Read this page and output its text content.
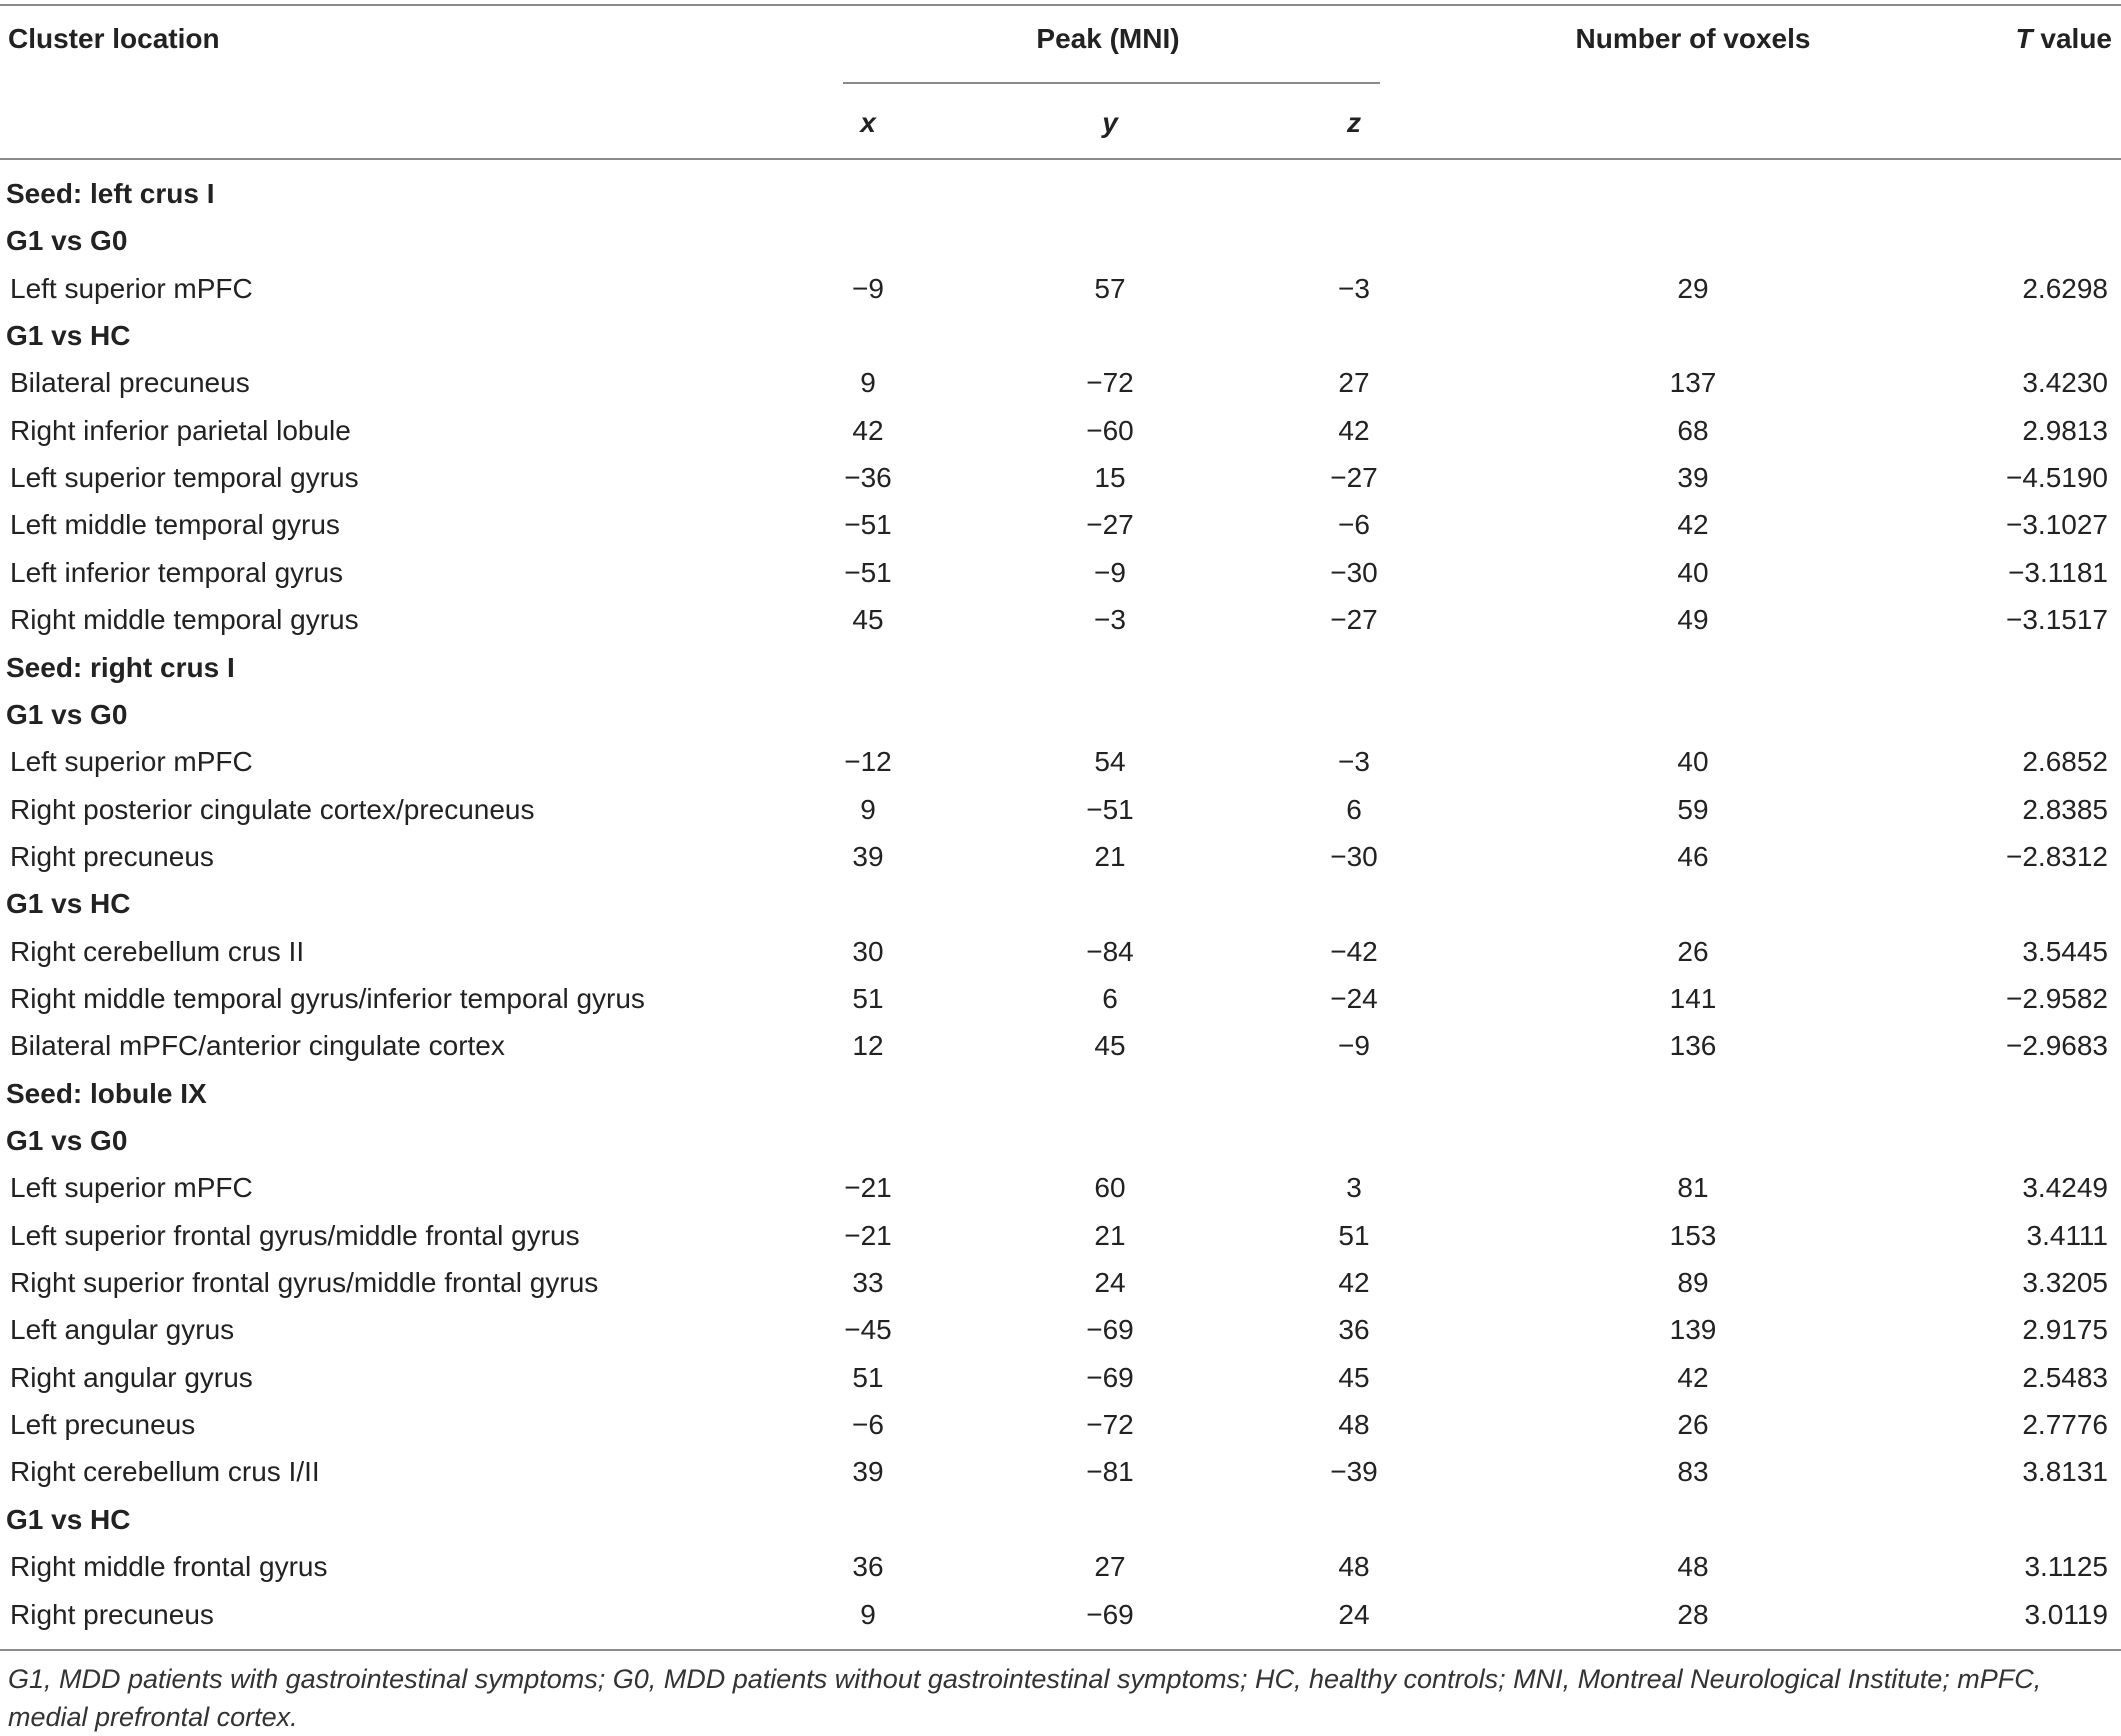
Cluster location	Peak (MNI)	Number of voxels	T value
x	y	z
Seed: left crus I
G1 vs G0
Left superior mPFC	−9	57	−3	29	2.6298
G1 vs HC
Bilateral precuneus	9	−72	27	137	3.4230
Right inferior parietal lobule	42	−60	42	68	2.9813
Left superior temporal gyrus	−36	15	−27	39	−4.5190
Left middle temporal gyrus	−51	−27	−6	42	−3.1027
Left inferior temporal gyrus	−51	−9	−30	40	−3.1181
Right middle temporal gyrus	45	−3	−27	49	−3.1517
Seed: right crus I
G1 vs G0
Left superior mPFC	−12	54	−3	40	2.6852
Right posterior cingulate cortex/precuneus	9	−51	6	59	2.8385
Right precuneus	39	21	−30	46	−2.8312
G1 vs HC
Right cerebellum crus II	30	−84	−42	26	3.5445
Right middle temporal gyrus/inferior temporal gyrus	51	6	−24	141	−2.9582
Bilateral mPFC/anterior cingulate cortex	12	45	−9	136	−2.9683
Seed: lobule IX
G1 vs G0
Left superior mPFC	−21	60	3	81	3.4249
Left superior frontal gyrus/middle frontal gyrus	−21	21	51	153	3.4111
Right superior frontal gyrus/middle frontal gyrus	33	24	42	89	3.3205
Left angular gyrus	−45	−69	36	139	2.9175
Right angular gyrus	51	−69	45	42	2.5483
Left precuneus	−6	−72	48	26	2.7776
Right cerebellum crus I/II	39	−81	−39	83	3.8131
G1 vs HC
Right middle frontal gyrus	36	27	48	48	3.1125
Right precuneus	9	−69	24	28	3.0119
G1, MDD patients with gastrointestinal symptoms; G0, MDD patients without gastrointestinal symptoms; HC, healthy controls; MNI, Montreal Neurological Institute; mPFC, medial prefrontal cortex.
